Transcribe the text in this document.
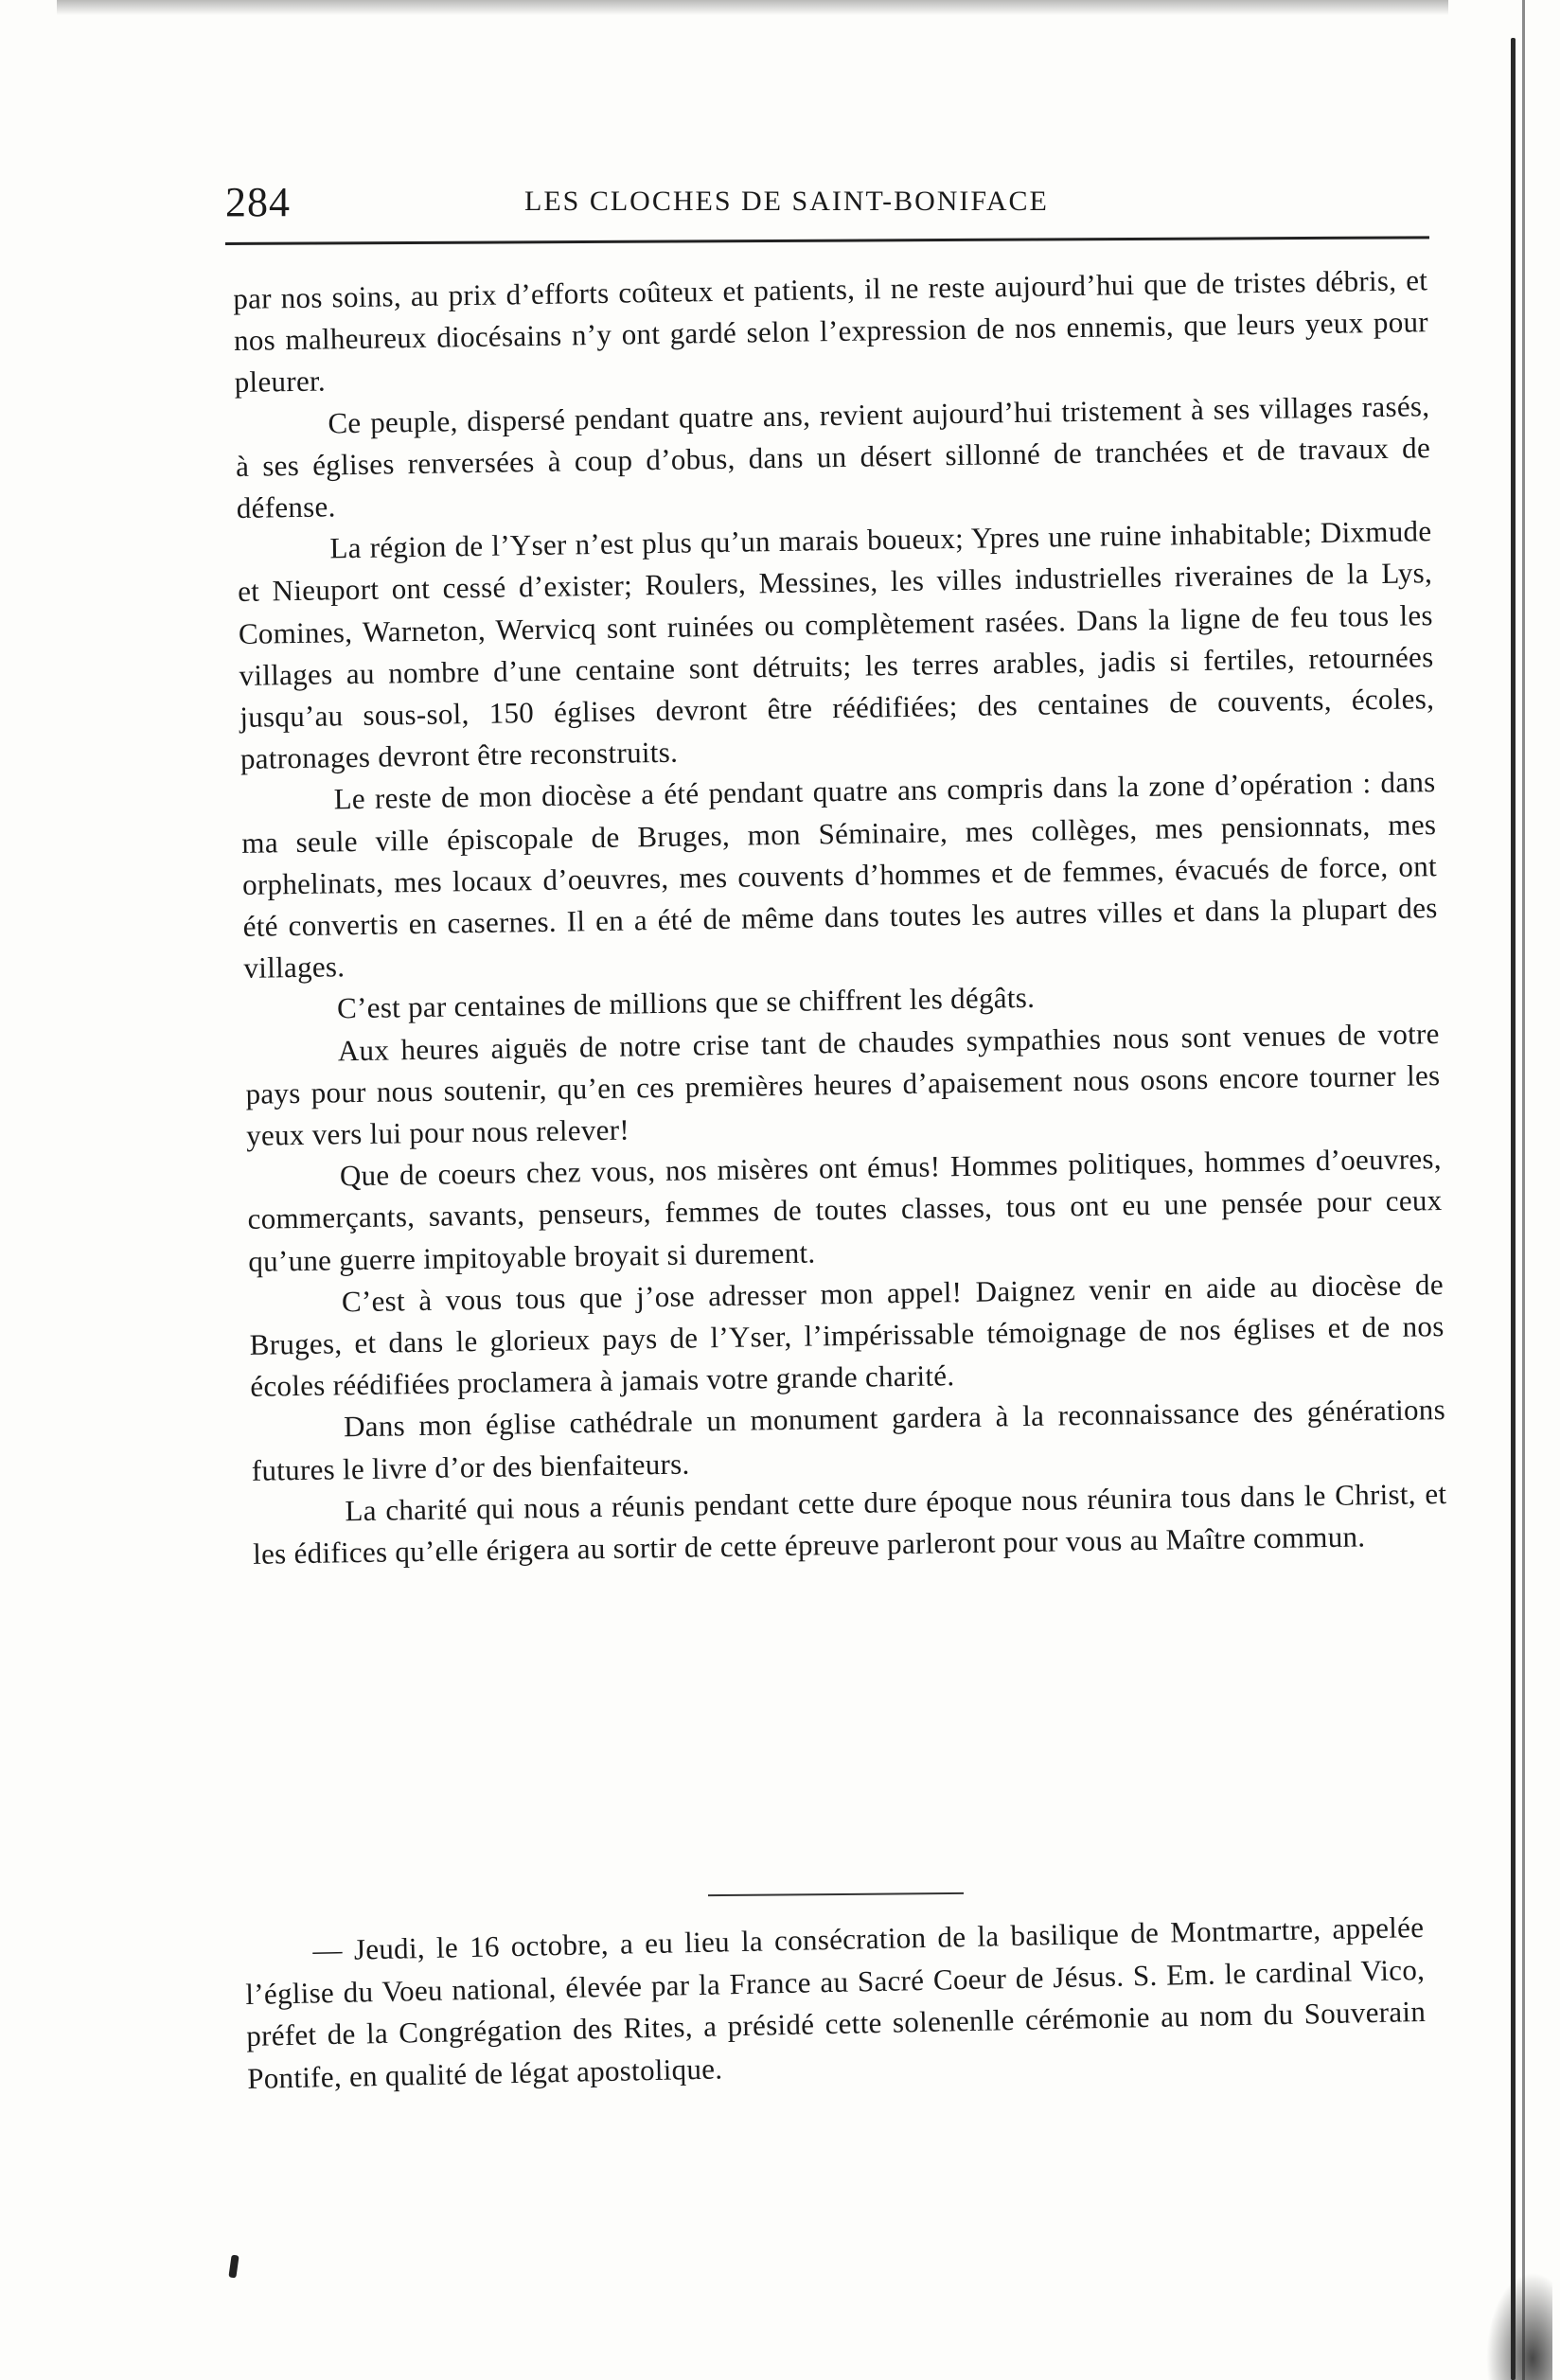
284	LES CLOCHES DE SAINT-BONIFACE

par nos soins, au prix d’efforts coûteux et patients, il ne reste aujourd’hui que de tristes débris, et nos malheureux diocésains n’y ont gardé selon l’expression de nos ennemis, que leurs yeux pour pleurer.

Ce peuple, dispersé pendant quatre ans, revient aujourd’hui tristement à ses villages rasés, à ses églises renversées à coup d’obus, dans un désert sillonné de tranchées et de travaux de défense.

La région de l’Yser n’est plus qu’un marais boueux; Ypres une ruine inhabitable; Dixmude et Nieuport ont cessé d’exister; Roulers, Messines, les villes industrielles riveraines de la Lys, Comines, Warneton, Wervicq sont ruinées ou complètement rasées. Dans la ligne de feu tous les villages au nombre d’une centaine sont détruits; les terres arables, jadis si fertiles, retournées jusqu’au sous-sol, 150 églises devront être réédifiées; des centaines de couvents, écoles, patronages devront être reconstruits.

Le reste de mon diocèse a été pendant quatre ans compris dans la zone d’opération : dans ma seule ville épiscopale de Bruges, mon Séminaire, mes collèges, mes pensionnats, mes orphelinats, mes locaux d’oeuvres, mes couvents d’hommes et de femmes, évacués de force, ont été convertis en casernes. Il en a été de même dans toutes les autres villes et dans la plupart des villages.

C’est par centaines de millions que se chiffrent les dégâts.

Aux heures aiguës de notre crise tant de chaudes sympathies nous sont venues de votre pays pour nous soutenir, qu’en ces premières heures d’apaisement nous osons encore tourner les yeux vers lui pour nous relever!

Que de coeurs chez vous, nos misères ont émus! Hommes politiques, hommes d’oeuvres, commerçants, savants, penseurs, femmes de toutes classes, tous ont eu une pensée pour ceux qu’une guerre impitoyable broyait si durement.

C’est à vous tous que j’ose adresser mon appel! Daignez venir en aide au diocèse de Bruges, et dans le glorieux pays de l’Yser, l’impérissable témoignage de nos églises et de nos écoles réédifiées proclamera à jamais votre grande charité.

Dans mon église cathédrale un monument gardera à la reconnaissance des générations futures le livre d’or des bienfaiteurs.

La charité qui nous a réunis pendant cette dure époque nous réunira tous dans le Christ, et les édifices qu’elle érigera au sortir de cette épreuve parleront pour vous au Maître commun.

— Jeudi, le 16 octobre, a eu lieu la consécration de la basilique de Montmartre, appelée l’église du Voeu national, élevée par la France au Sacré Coeur de Jésus. S. Em. le cardinal Vico, préfet de la Congrégation des Rites, a présidé cette solenenlle cérémonie au nom du Souverain Pontife, en qualité de légat apostolique.
